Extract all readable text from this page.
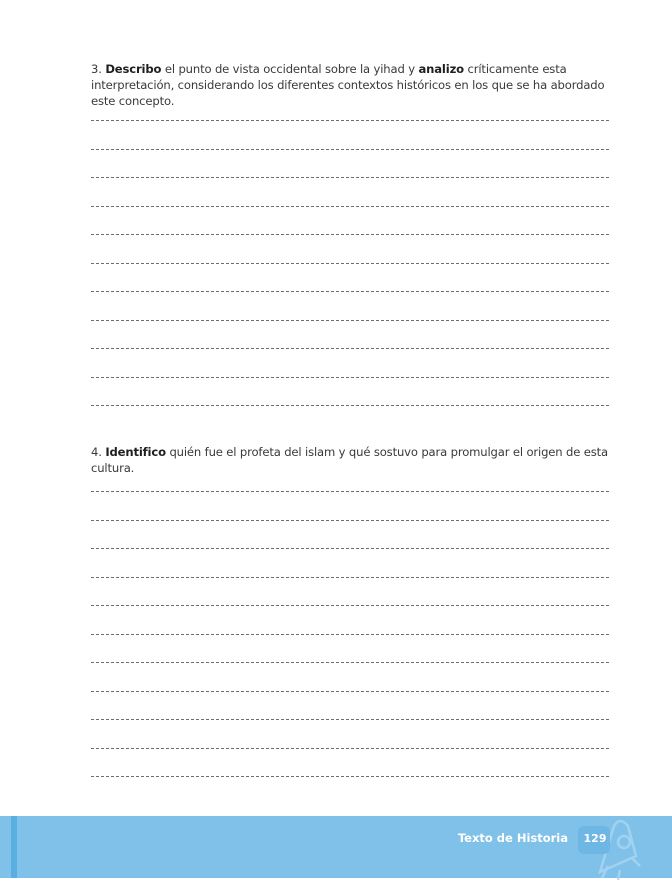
3. Describo el punto de vista occidental sobre la yihad y analizo críticamente esta interpretación, considerando los diferentes contextos históricos en los que se ha abordado este concepto.
4. Identifico quién fue el profeta del islam y qué sostuvo para promulgar el origen de esta cultura.
Texto de Historia 129
